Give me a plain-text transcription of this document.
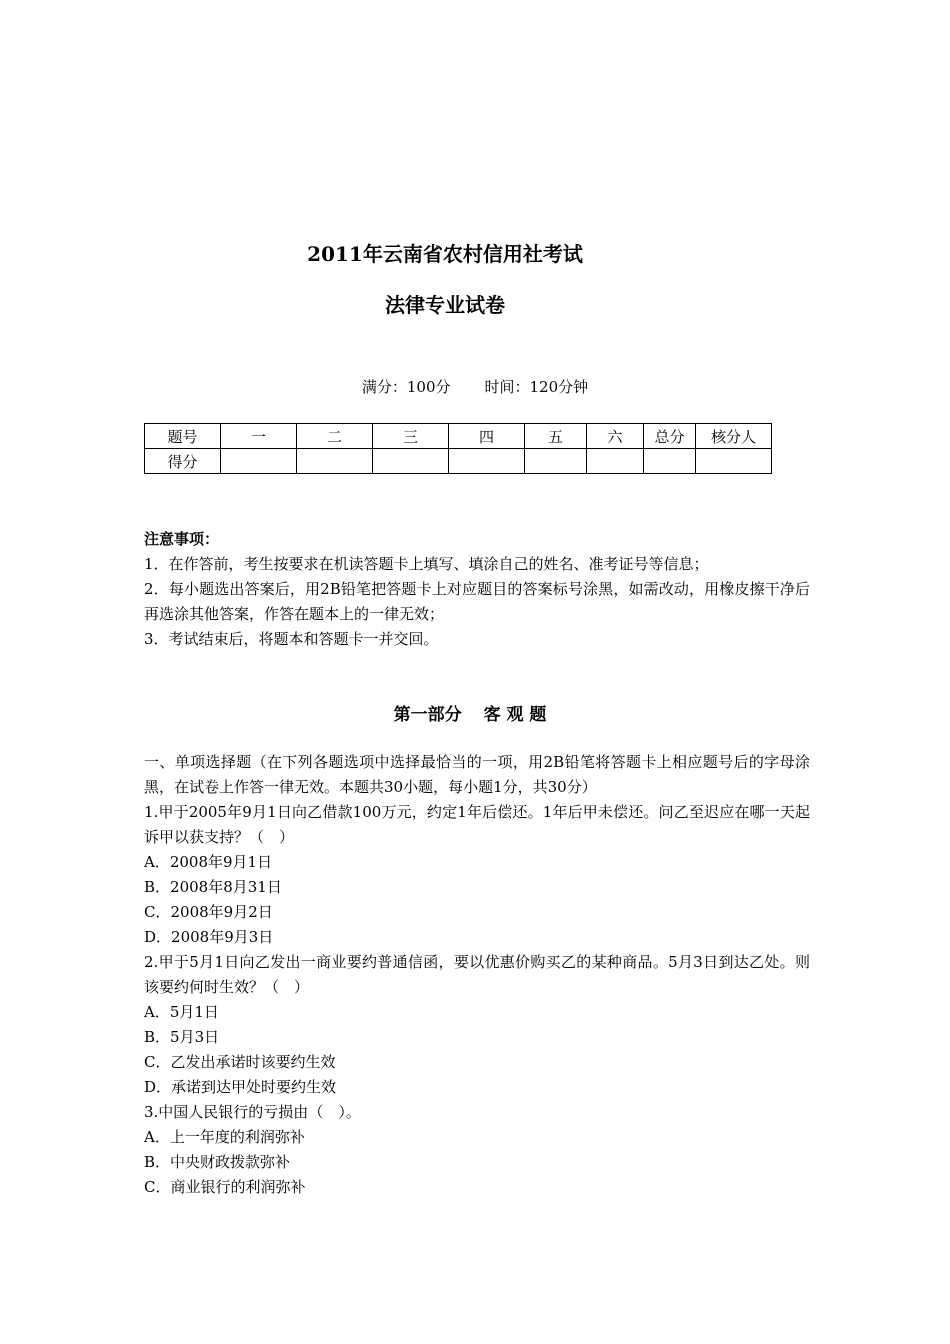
2011年云南省农村信用社考试
法律专业试卷
满分：100分 时间：120分钟
题号	一	二	三	四	五	六	总分	核分人
得分								
注意事项：
1．在作答前，考生按要求在机读答题卡上填写、填涂自己的姓名、准考证号等信息；
2．每小题选出答案后，用2B铅笔把答题卡上对应题目的答案标号涂黑，如需改动，用橡皮擦干净后再选涂其他答案，作答在题本上的一律无效；
3．考试结束后，将题本和答题卡一并交回。
第一部分 客 观 题
一、单项选择题（在下列各题选项中选择最恰当的一项，用2B铅笔将答题卡上相应题号后的字母涂黑，在试卷上作答一律无效。本题共30小题，每小题1分，共30分）
1.甲于2005年9月1日向乙借款100万元，约定1年后偿还。1年后甲未偿还。问乙至迟应在哪一天起诉甲以获支持？（　）
A．2008年9月1日
B．2008年8月31日
C．2008年9月2日
D．2008年9月3日
2.甲于5月1日向乙发出一商业要约普通信函，要以优惠价购买乙的某种商品。5月3日到达乙处。则该要约何时生效？（　）
A．5月1日
B．5月3日
C．乙发出承诺时该要约生效
D．承诺到达甲处时要约生效
3.中国人民银行的亏损由（　）。
A．上一年度的利润弥补
B．中央财政拨款弥补
C．商业银行的利润弥补
